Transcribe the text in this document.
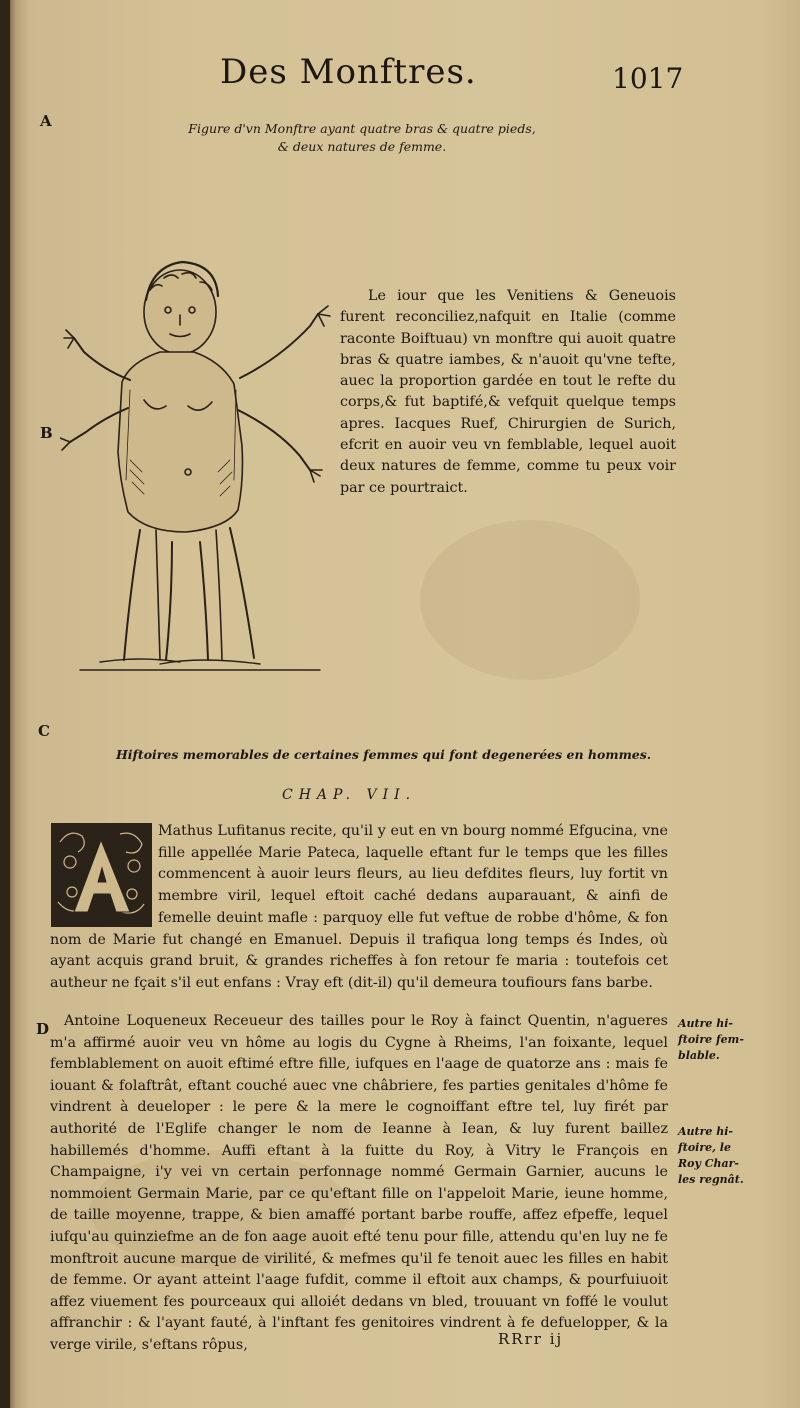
Des Monftres.	1017
A
B
C
D
Figure d'vn Monftre ayant quatre bras & quatre pieds,
& deux natures de femme.

Le iour que les Venitiens & Geneuois furent reconciliez,nafquit en Italie (comme raconte Boiftuau) vn monftre qui auoit quatre bras & quatre iambes, & n'auoit qu'vne tefte, auec la proportion gardée en tout le refte du corps,& fut baptifé,& vefquit quelque temps apres. Iacques Ruef, Chirurgien de Surich, efcrit en auoir veu vn femblable, lequel auoit deux natures de femme, comme tu peux voir par ce pourtraict.

Hiftoires memorables de certaines femmes qui font degenerées en hommes.
CHAP. VII.
Mathus Lufitanus recite, qu'il y eut en vn bourg nommé Efgucina, vne fille appellée Marie Pateca, laquelle eftant fur le temps que les filles commencent à auoir leurs fleurs, au lieu defdites fleurs, luy fortit vn membre viril, lequel eftoit caché dedans auparauant, & ainfi de femelle deuint mafle : parquoy elle fut veftue de robbe d'hôme, & fon nom de Marie fut changé en Emanuel. Depuis il trafiqua long temps és Indes, où ayant acquis grand bruit, & grandes richeffes à fon retour fe maria : toutefois cet autheur ne fçait s'il eut enfans : Vray eft (dit-il) qu'il demeura toufiours fans barbe.

Antoine Loqueneux Receueur des tailles pour le Roy à fainct Quentin, n'agueres m'a affirmé auoir veu vn hôme au logis du Cygne à Rheims, l'an foixante, lequel femblablement on auoit eftimé eftre fille, iufques en l'aage de quatorze ans : mais fe iouant & folaftrât, eftant couché auec vne châbriere, fes parties genitales d'hôme fe vindrent à deueloper : le pere & la mere le cognoiffant eftre tel, luy firét par authorité de l'Eglife changer le nom de Ieanne à Iean, & luy furent baillez habillemés d'homme. Auffi eftant à la fuitte du Roy, à Vitry le François en Champaigne, i'y vei vn certain perfonnage nommé Germain Garnier, aucuns le nommoient Germain Marie, par ce qu'eftant fille on l'appeloit Marie, ieune homme, de taille moyenne, trappe, & bien amaffé portant barbe rouffe, affez efpeffe, lequel iufqu'au quinziefme an de fon aage auoit efté tenu pour fille, attendu qu'en luy ne fe monftroit aucune marque de virilité, & mefmes qu'il fe tenoit auec les filles en habit de femme. Or ayant atteint l'aage fufdit, comme il eftoit aux champs, & pourfuiuoit affez viuement fes pourceaux qui alloiét dedans vn bled, trouuant vn foffé le voulut affranchir : & l'ayant fauté, à l'inftant fes genitoires vindrent à fe defuelopper, & la verge virile, s'eftans rôpus,

Autre hi-
ftoire fem-
blable.
Autre hi-
ftoire, le
Roy Char-
les regnât.
RRrr ij
